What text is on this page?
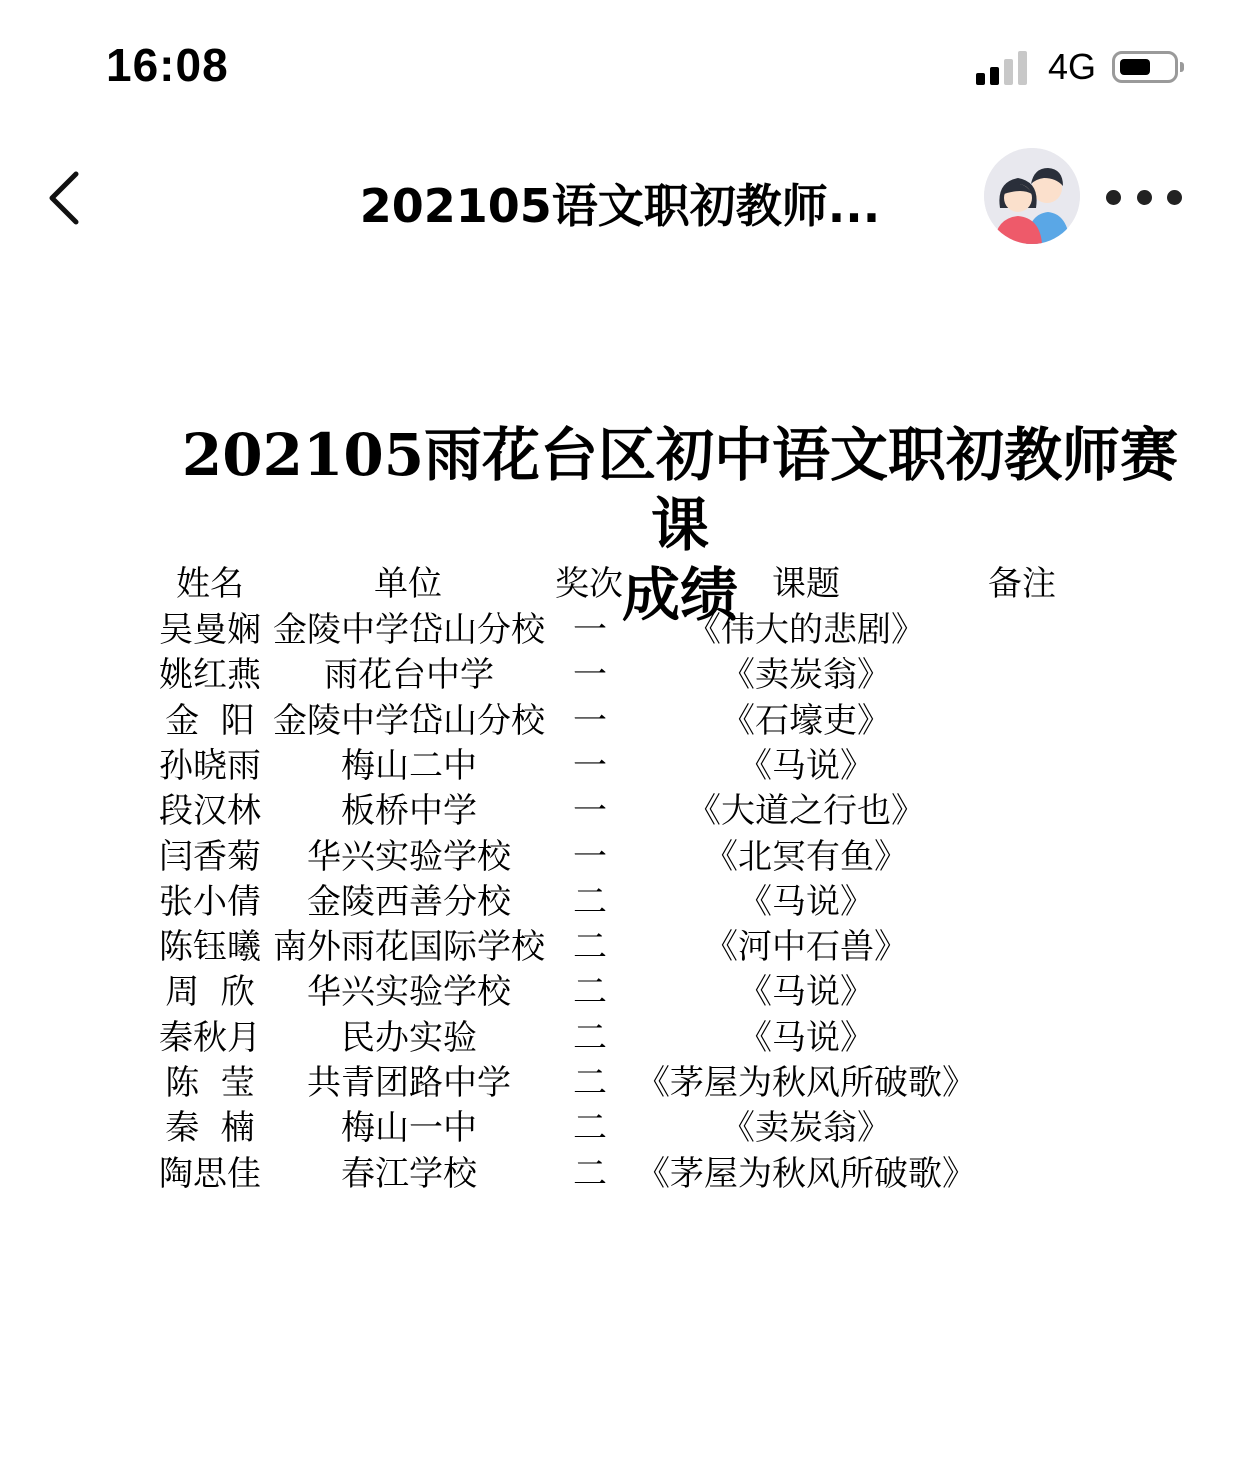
16:08	4G
202105语文职初教师...
202105雨花台区初中语文职初教师赛课
成绩
姓名	单位	奖次	课题	备注
吴曼娴 金陵中学岱山分校 一	《伟大的悲剧》
姚红燕	雨花台中学	一	《卖炭翁》
金  阳 金陵中学岱山分校 一	《石壕吏》
孙晓雨	梅山二中	一	《马说》
段汉林	板桥中学	一	《大道之行也》
闫香菊	华兴实验学校	一	《北冥有鱼》
张小倩	金陵西善分校	二	《马说》
陈钰曦 南外雨花国际学校 二	《河中石兽》
周  欣	华兴实验学校	二	《马说》
秦秋月	民办实验	二	《马说》
陈  莹	共青团路中学	二 《茅屋为秋风所破歌》
秦  楠	梅山一中	二	《卖炭翁》
陶思佳	春江学校	二 《茅屋为秋风所破歌》
